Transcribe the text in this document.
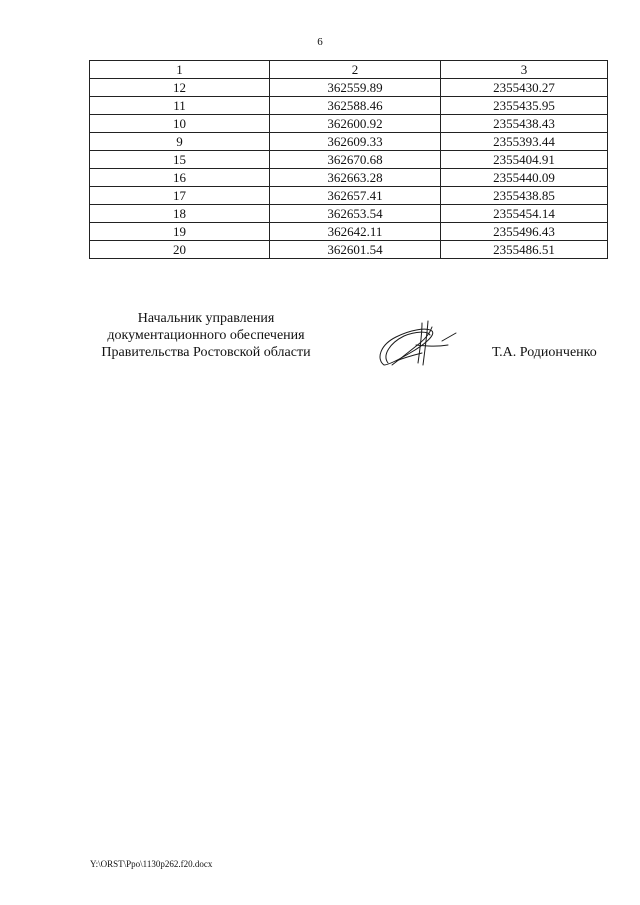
6
1	2	3
12	362559.89	2355430.27
11	362588.46	2355435.95
10	362600.92	2355438.43
9	362609.33	2355393.44
15	362670.68	2355404.91
16	362663.28	2355440.09
17	362657.41	2355438.85
18	362653.54	2355454.14
19	362642.11	2355496.43
20	362601.54	2355486.51
Начальник управления
документационного обеспечения
Правительства Ростовской области	Т.А. Родионченко
Y:\ORST\Ppo\1130p262.f20.docx
